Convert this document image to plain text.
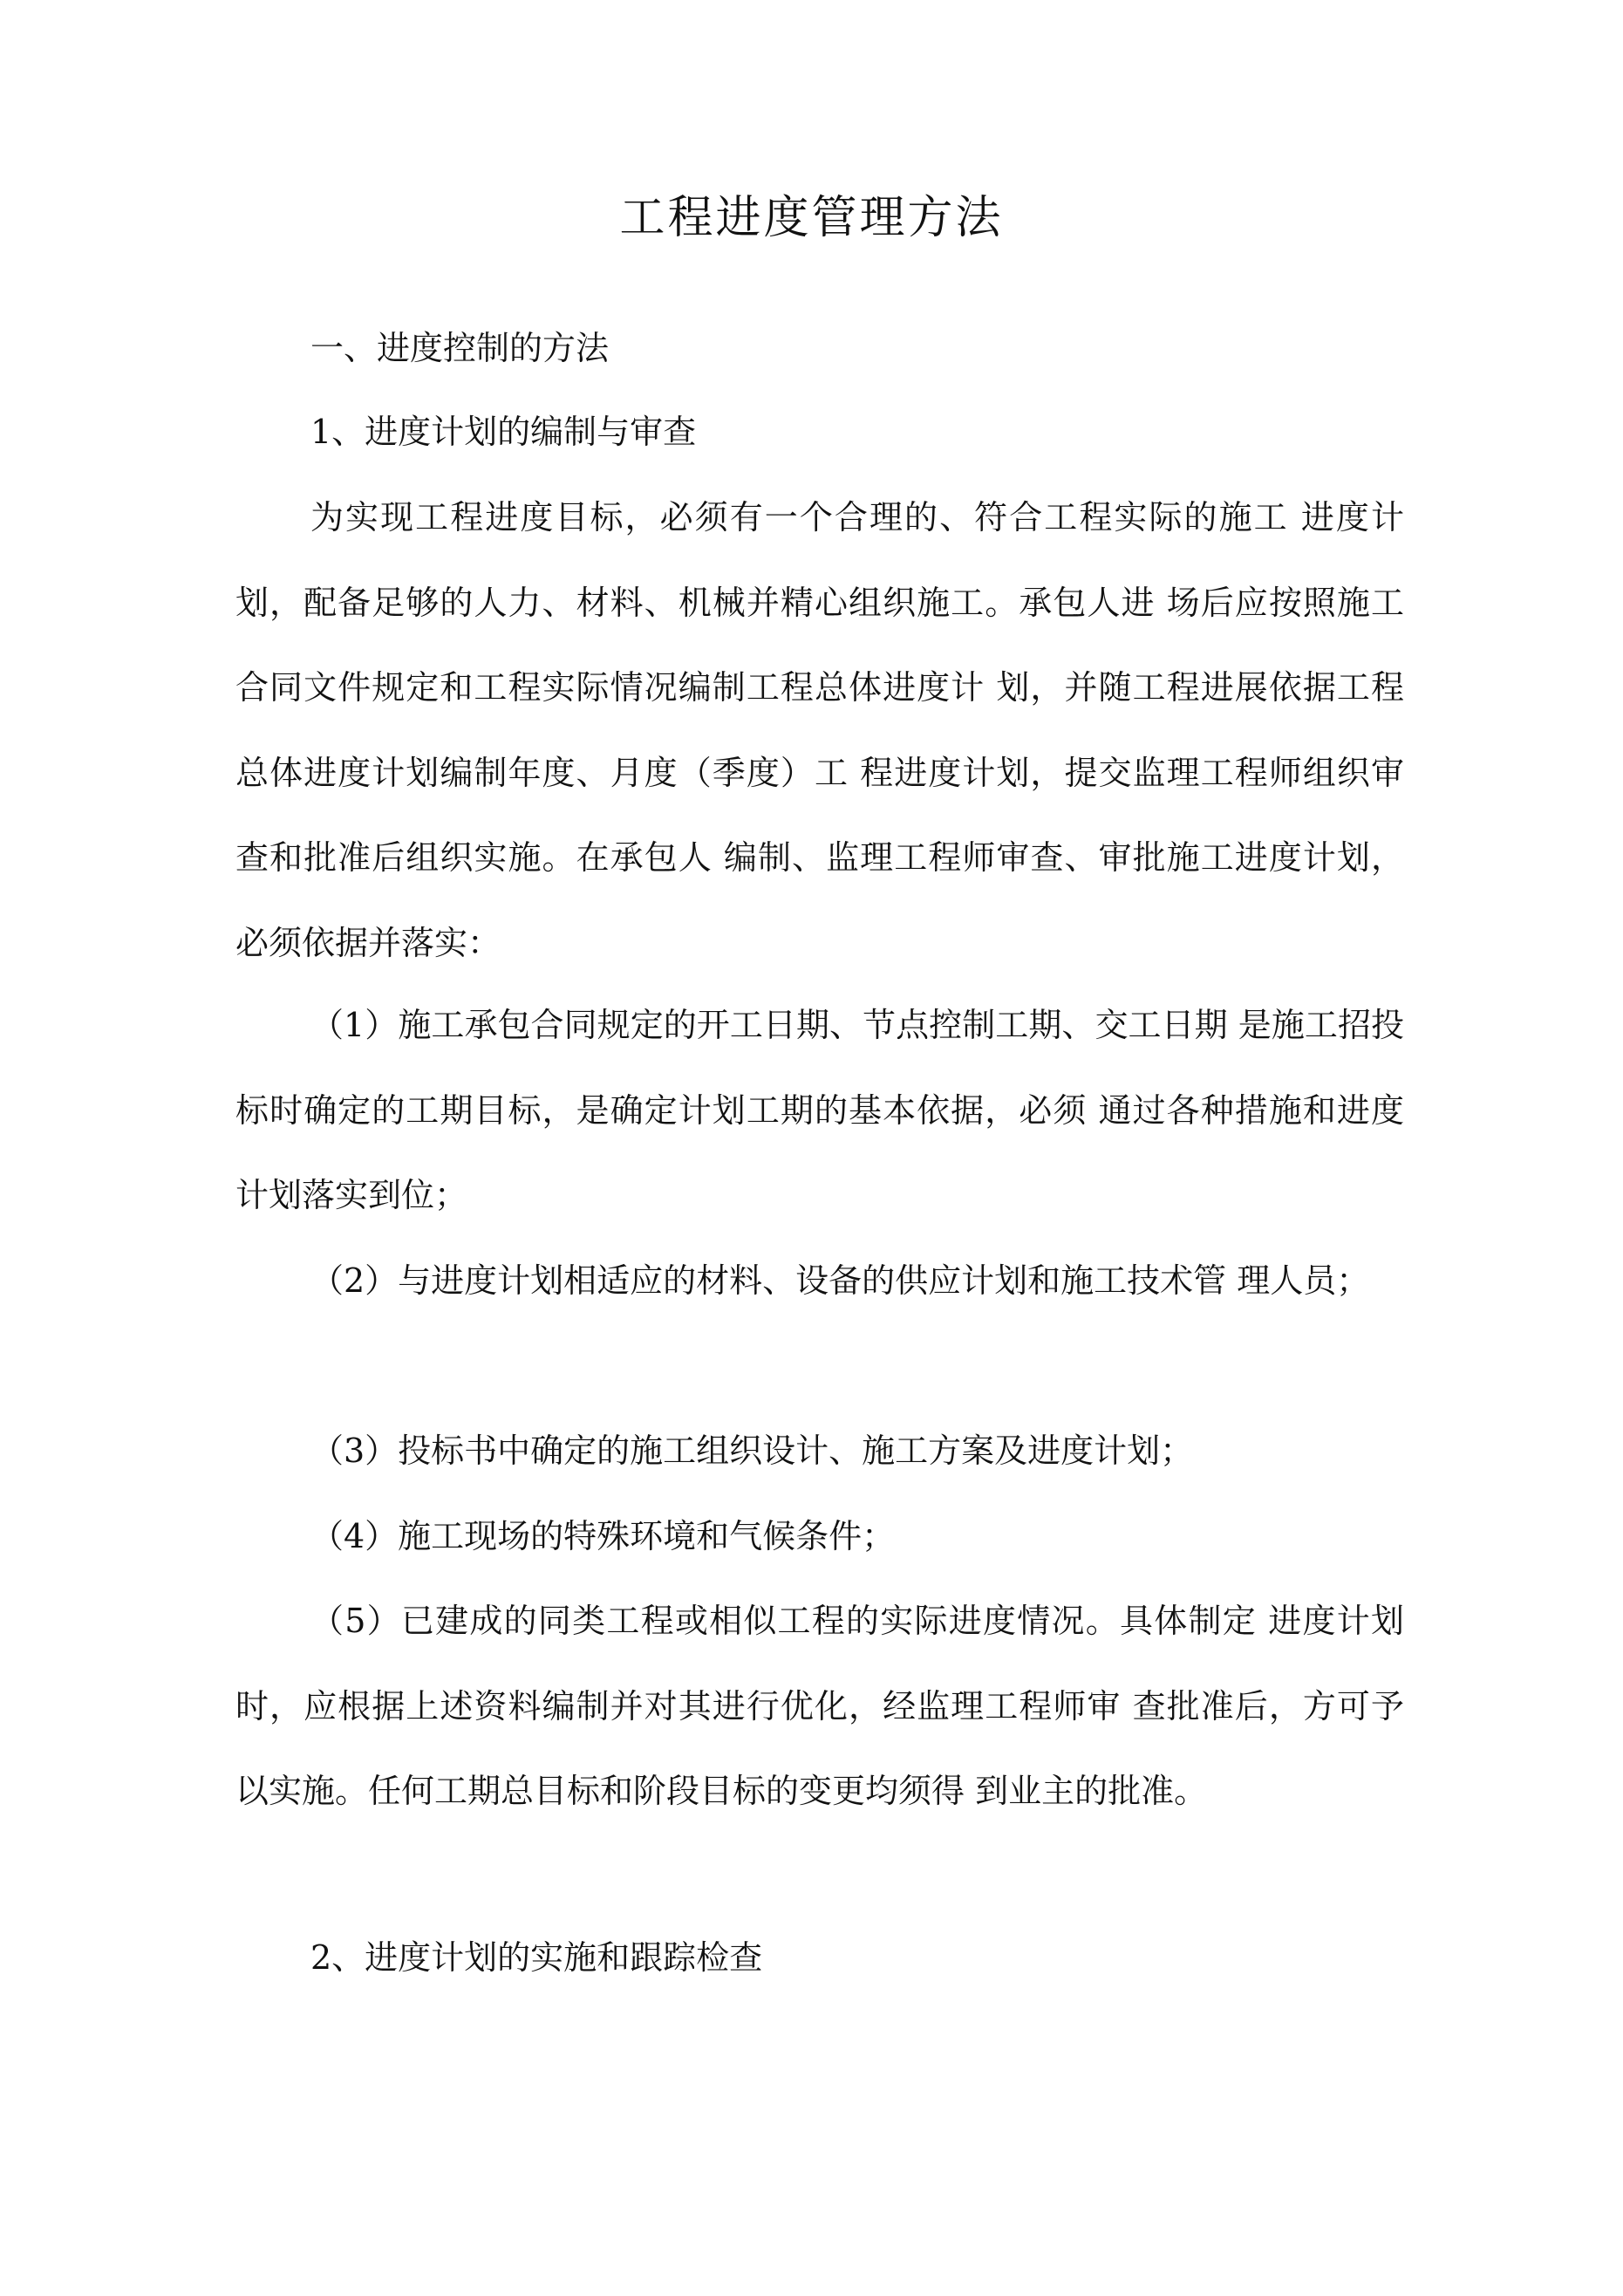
工程进度管理方法
一、进度控制的方法
1、进度计划的编制与审查

为实现工程进度目标，必须有一个合理的、符合工程实际的施工 进度计划，配备足够的人力、材料、机械并精心组织施工。承包人进 场后应按照施工合同文件规定和工程实际情况编制工程总体进度计 划，并随工程进展依据工程总体进度计划编制年度、月度（季度）工 程进度计划，提交监理工程师组织审查和批准后组织实施。在承包人 编制、监理工程师审查、审批施工进度计划，必须依据并落实：

（1）施工承包合同规定的开工日期、节点控制工期、交工日期 是施工招投标时确定的工期目标，是确定计划工期的基本依据，必须 通过各种措施和进度计划落实到位；

（2）与进度计划相适应的材料、设备的供应计划和施工技术管 理人员；

（3）投标书中确定的施工组织设计、施工方案及进度计划；

（4）施工现场的特殊环境和气候条件；

（5）已建成的同类工程或相似工程的实际进度情况。具体制定 进度计划时，应根据上述资料编制并对其进行优化，经监理工程师审 查批准后，方可予以实施。任何工期总目标和阶段目标的变更均须得 到业主的批准。

2、进度计划的实施和跟踪检查
